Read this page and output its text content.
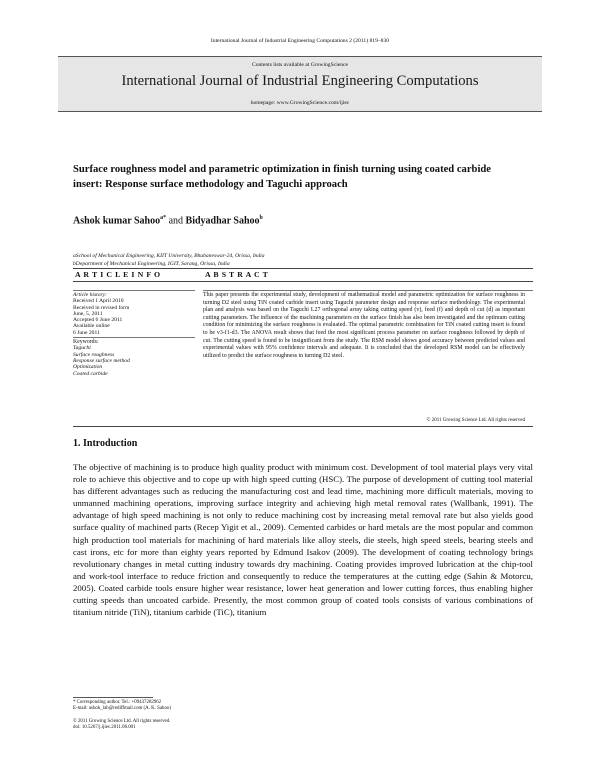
International Journal of Industrial Engineering Computations 2 (2011) 819–830
Contents lists available at GrowingScience
International Journal of Industrial Engineering Computations
homepage: www.GrowingScience.com/ijiec
Surface roughness model and parametric optimization in finish turning using coated carbide
insert: Response surface methodology and Taguchi approach
Ashok kumar Sahoo$^{a*}$ and Bidyadhar Sahoo$^b$
aSchool of Mechanical Engineering, KIIT University, Bhubaneswar-24, Orissa, India
bDepartment of Mechanical Engineering, IGIT, Sarang, Orissa, India
A R T I C L E I N F O	A B S T R A C T
Article history:
Received 1 April 2010
Received in revised form
June, 5, 2011
Accepted 6 June 2011
Available online
6 June 2011
Keywords:
Taguchi
Surface roughness
Response surface method
Optimization
Coated carbide
This paper presents the experimental study, development of mathematical model and parametric optimization for surface roughness in turning D2 steel using TiN coated carbide insert using Taguchi parameter design and response surface methodology. The experimental plan and analysis was based on the Taguchi L27 orthogonal array taking cutting speed (v), feed (f) and depth of cut (d) as important cutting parameters. The influence of the machining parameters on the surface finish has also been investigated and the optimum cutting condition for minimizing the surface roughness is evaluated. The optimal parametric combination for TiN coated cutting insert is found to be v3-f1-d3. The ANOVA result shows that feed the most significant process parameter on surface roughness followed by depth of cut. The cutting speed is found to be insignificant from the study. The RSM model shows good accuracy between predicted values and experimental values with 95% confidence intervals and adequate. It is concluded that the developed RSM model can be effectively utilized to predict the surface roughness in turning D2 steel.
© 2011 Growing Science Ltd. All rights reserved
1. Introduction

The objective of machining is to produce high quality product with minimum cost. Development of tool material plays very vital role to achieve this objective and to cope up with high speed cutting (HSC). The purpose of development of cutting tool material has different advantages such as reducing the manufacturing cost and lead time, machining more difficult materials, moving to unmanned machining operations, improving surface integrity and achieving high metal removal rates (Wallbank, 1991). The advantage of high speed machining is not only to reduce machining cost by increasing metal removal rate but also yields good surface quality of machined parts (Recep Yigit et al., 2009). Cemented carbides or hard metals are the most popular and common high production tool materials for machining of hard materials like alloy steels, die steels, high speed steels, bearing steels and cast irons, etc for more than eighty years reported by Edmund Isakov (2009). The development of coating technology brings revolutionary changes in metal cutting industry towards dry machining. Coating provides improved lubrication at the chip-tool and work-tool interface to reduce friction and consequently to reduce the temperatures at the cutting edge (Sahin & Motorcu, 2005). Coated carbide tools ensure higher wear resistance, lower heat generation and lower cutting forces, thus enabling higher cutting speeds than uncoated carbide. Presently, the most common group of coated tools consists of various combinations of titanium nitride (TiN), titanium carbide (TiC), titanium

* Corresponding author. Tel.: +09437282962
E-mail: ashok_lab@rediffmail.com (A. K. Sahoo)
© 2011 Growing Science Ltd. All rights reserved.
doi: 10.5267/j.ijiec.2011.06.001
